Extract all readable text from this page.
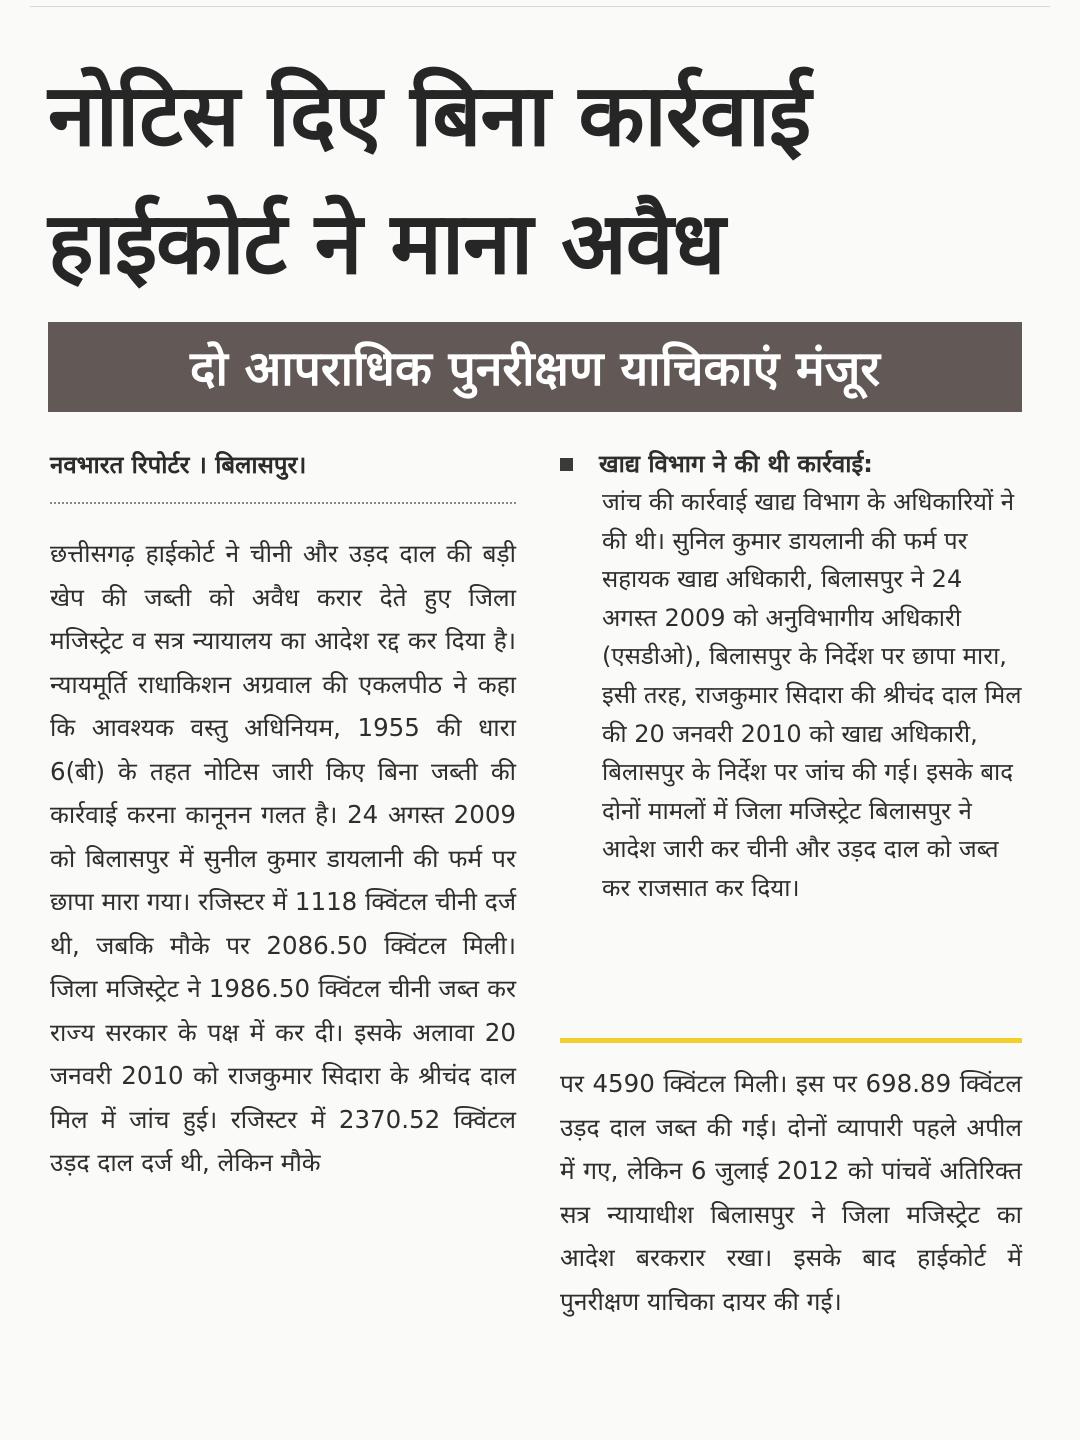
नोटिस दिए बिना कार्रवाई
हाईकोर्ट ने माना अवैध
दो आपराधिक पुनरीक्षण याचिकाएं मंजूर
नवभारत रिपोर्टर । बिलासपुर।

छत्तीसगढ़ हाईकोर्ट ने चीनी और उड़द दाल की बड़ी खेप की जब्ती को अवैध करार देते हुए जिला मजिस्ट्रेट व सत्र न्यायालय का आदेश रद्द कर दिया है। न्यायमूर्ति राधाकिशन अग्रवाल की एकलपीठ ने कहा कि आवश्यक वस्तु अधिनियम, 1955 की धारा 6(बी) के तहत नोटिस जारी किए बिना जब्ती की कार्रवाई करना कानूनन गलत है। 24 अगस्त 2009 को बिलासपुर में सुनील कुमार डायलानी की फर्म पर छापा मारा गया। रजिस्टर में 1118 क्विंटल चीनी दर्ज थी, जबकि मौके पर 2086.50 क्विंटल मिली। जिला मजिस्ट्रेट ने 1986.50 क्विंटल चीनी जब्त कर राज्य सरकार के पक्ष में कर दी। इसके अलावा 20 जनवरी 2010 को राजकुमार सिदारा के श्रीचंद दाल मिल में जांच हुई। रजिस्टर में 2370.52 क्विंटल उड़द दाल दर्ज थी, लेकिन मौके

खाद्य विभाग ने की थी कार्रवाई:
जांच की कार्रवाई खाद्य विभाग के अधिकारियों ने की थी। सुनिल कुमार डायलानी की फर्म पर सहायक खाद्य अधिकारी, बिलासपुर ने 24 अगस्त 2009 को अनुविभागीय अधिकारी (एसडीओ), बिलासपुर के निर्देश पर छापा मारा, इसी तरह, राजकुमार सिदारा की श्रीचंद दाल मिल की 20 जनवरी 2010 को खाद्य अधिकारी, बिलासपुर के निर्देश पर जांच की गई। इसके बाद दोनों मामलों में जिला मजिस्ट्रेट बिलासपुर ने आदेश जारी कर चीनी और उड़द दाल को जब्त कर राजसात कर दिया।

पर 4590 क्विंटल मिली। इस पर 698.89 क्विंटल उड़द दाल जब्त की गई। दोनों व्यापारी पहले अपील में गए, लेकिन 6 जुलाई 2012 को पांचवें अतिरिक्त सत्र न्यायाधीश बिलासपुर ने जिला मजिस्ट्रेट का आदेश बरकरार रखा। इसके बाद हाईकोर्ट में पुनरीक्षण याचिका दायर की गई।
